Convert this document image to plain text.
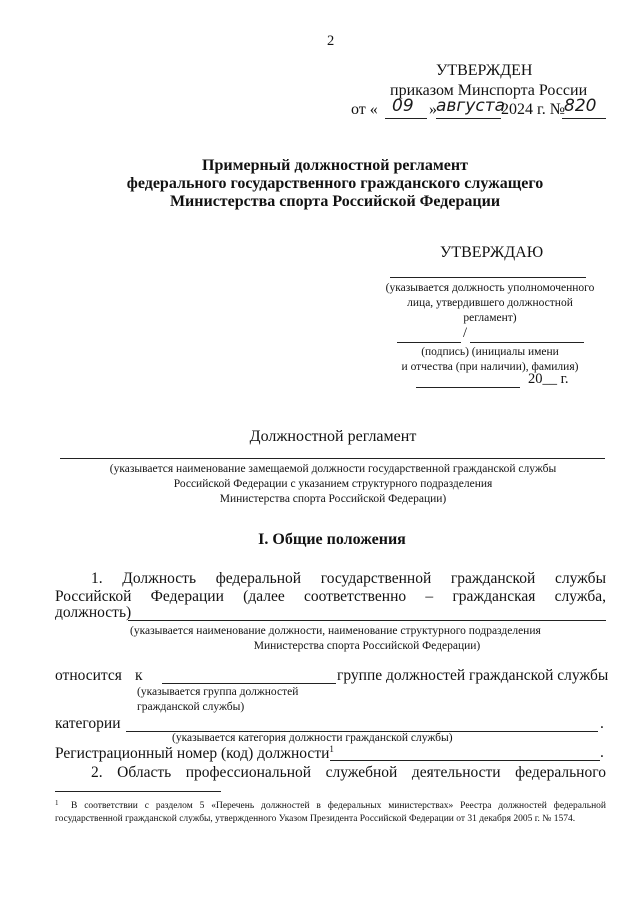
2
УТВЕРЖДЕН
приказом Минспорта России
от « 09 » августа
2024 г. №
820
Примерный должностной регламент
федерального государственного гражданского служащего
Министерства спорта Российской Федерации
УТВЕРЖДАЮ
(указывается должность уполномоченного
лица, утвердившего должностной
регламент)
/
(подпись) (инициалы имени
и отчества (при наличии), фамилия)
20__ г.
Должностной регламент
(указывается наименование замещаемой должности государственной гражданской службы
Российской Федерации с указанием структурного подразделения
Министерства спорта Российской Федерации)
I. Общие положения
1. Должность федеральной государственной гражданской службы
Российской Федерации (далее соответственно – гражданская служба,
должность)
(указывается наименование должности, наименование структурного подразделения
Министерства спорта Российской Федерации)
относится к	группе должностей гражданской службы
(указывается группа должностей
гражданской службы)
категории	.
(указывается категория должности гражданской службы)
Регистрационный номер (код) должности$^1$	.
2. Область профессиональной служебной деятельности федерального
1 В соответствии с разделом 5 «Перечень должностей в федеральных министерствах» Реестра должностей федеральной государственной гражданской службы, утвержденного Указом Президента Российской Федерации от 31 декабря 2005 г. № 1574.
